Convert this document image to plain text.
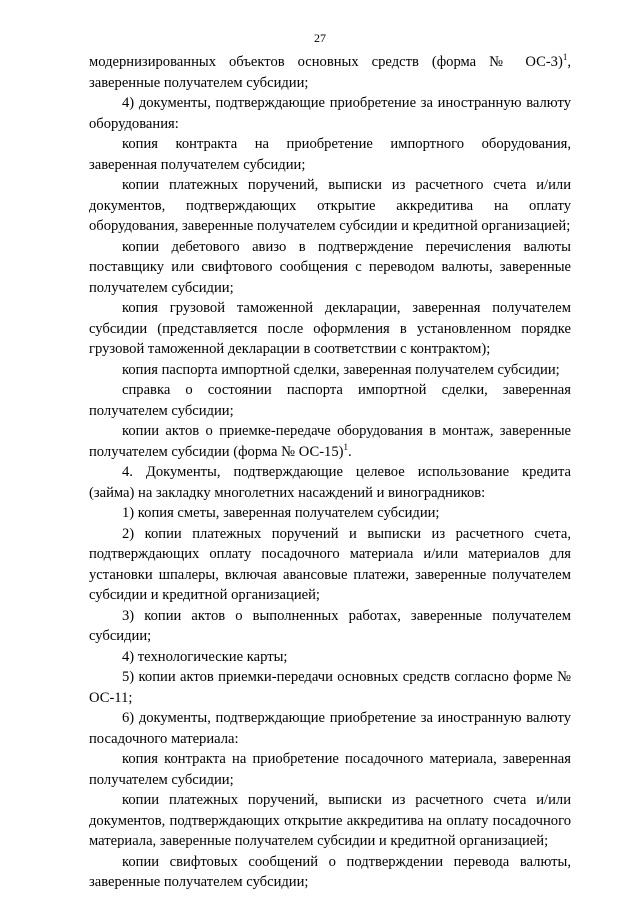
27

модернизированных объектов основных средств (форма № ОС-3)$^1$, заверенные получателем субсидии;

4) документы, подтверждающие приобретение за иностранную валюту оборудования:

копия контракта на приобретение импортного оборудования, заверенная получателем субсидии;

копии платежных поручений, выписки из расчетного счета и/или документов, подтверждающих открытие аккредитива на оплату оборудования, заверенные получателем субсидии и кредитной организацией;

копии дебетового авизо в подтверждение перечисления валюты поставщику или свифтового сообщения с переводом валюты, заверенные получателем субсидии;

копия грузовой таможенной декларации, заверенная получателем субсидии (представляется после оформления в установленном порядке грузовой таможенной декларации в соответствии с контрактом);

копия паспорта импортной сделки, заверенная получателем субсидии;

справка о состоянии паспорта импортной сделки, заверенная получателем субсидии;

копии актов о приемке-передаче оборудования в монтаж, заверенные получателем субсидии (форма № ОС-15)$^1$.

4. Документы, подтверждающие целевое использование кредита (займа) на закладку многолетних насаждений и виноградников:

1) копия сметы, заверенная получателем субсидии;

2) копии платежных поручений и выписки из расчетного счета, подтверждающих оплату посадочного материала и/или материалов для установки шпалеры, включая авансовые платежи, заверенные получателем субсидии и кредитной организацией;

3) копии актов о выполненных работах, заверенные получателем субсидии;

4) технологические карты;

5) копии актов приемки-передачи основных средств согласно форме № ОС-11;

6) документы, подтверждающие приобретение за иностранную валюту посадочного материала:

копия контракта на приобретение посадочного материала, заверенная получателем субсидии;

копии платежных поручений, выписки из расчетного счета и/или документов, подтверждающих открытие аккредитива на оплату посадочного материала, заверенные получателем субсидии и кредитной организацией;

копии свифтовых сообщений о подтверждении перевода валюты, заверенные получателем субсидии;
